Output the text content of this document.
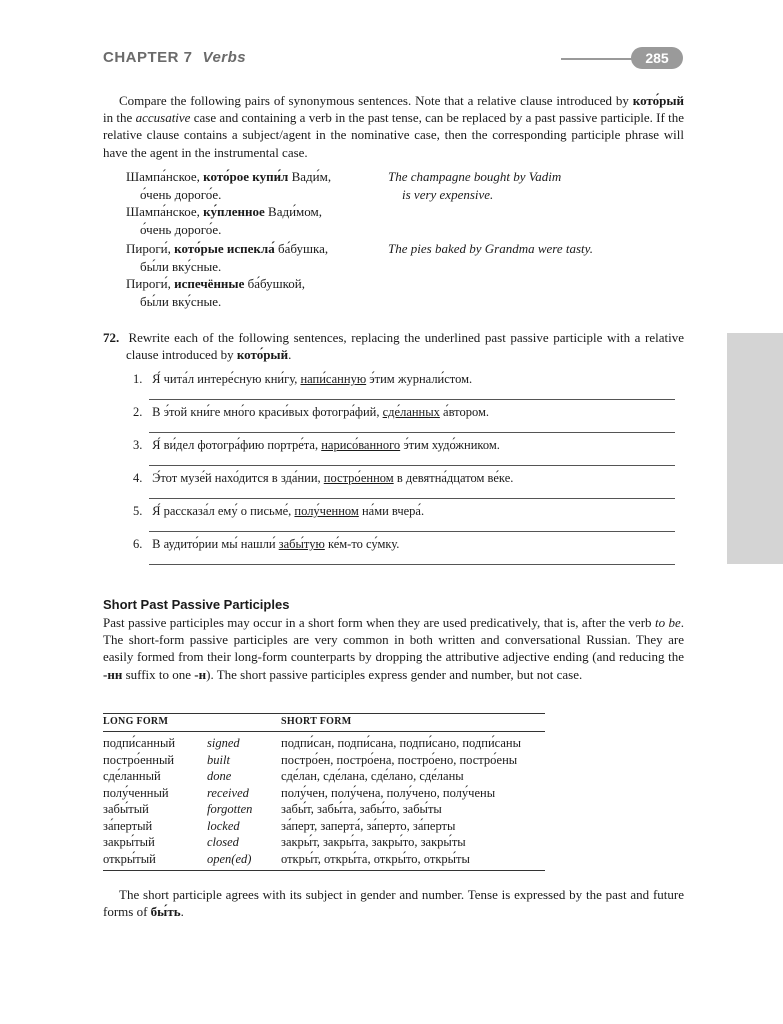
CHAPTER 7 Verbs	285

Compare the following pairs of synonymous sentences. Note that a relative clause introduced by кото́рый in the accusative case and containing a verb in the past tense, can be replaced by a past passive participle. If the relative clause contains a subject/agent in the nominative case, then the corresponding participle phrase will have the agent in the instrumental case.

Шампа́нское, кото́рое купи́л Вади́м,
о́чень дорого́е.
Шампа́нское, ку́пленное Вади́мом,
о́чень дорого́е.
The champagne bought by Vadim
is very expensive.
Пироги́, кото́рые испекла́ ба́бушка,
бы́ли вку́сные.
Пироги́, испечённые ба́бушкой,
бы́ли вку́сные.
The pies baked by Grandma were tasty.
72. Rewrite each of the following sentences, replacing the underlined past passive participle with a relative clause introduced by кото́рый.
1. Я́ чита́л интере́сную кни́гу, напи́санную э́тим журнали́стом.
2. В э́той кни́ге мно́го краси́вых фотогра́фий, сде́ланных а́втором.
3. Я́ ви́дел фотогра́фию портре́та, нарисо́ванного э́тим худо́жником.
4. Э́тот музе́й нахо́дится в зда́нии, постро́енном в девятна́дцатом ве́ке.
5. Я́ рассказа́л ему́ о письме́, полу́ченном на́ми вчера́.
6. В аудито́рии мы́ нашли́ забы́тую ке́м-то су́мку.
Short Past Passive Participles
Past passive participles may occur in a short form when they are used predicatively, that is, after the verb to be. The short-form passive participles are very common in both written and conversational Russian. They are easily formed from their long-form counterparts by dropping the attributive adjective ending (and reducing the -нн suffix to one -н). The short passive participles express gender and number, but not case.
LONG FORM	SHORT FORM
подпи́санный	signed	подпи́сан, подпи́сана, подпи́сано, подпи́саны
постро́енный	built	постро́ен, постро́ена, постро́ено, постро́ены
сде́ланный	done	сде́лан, сде́лана, сде́лано, сде́ланы
полу́ченный	received	полу́чен, полу́чена, полу́чено, полу́чены
забы́тый	forgotten забы́т, забы́та, забы́то, забы́ты
за́пертый	locked	за́перт, заперта́, за́перто, за́перты
закры́тый	closed	закры́т, закры́та, закры́то, закры́ты
откры́тый	open(ed) откры́т, откры́та, откры́то, откры́ты

The short participle agrees with its subject in gender and number. Tense is expressed by the past and future forms of бы́ть.
